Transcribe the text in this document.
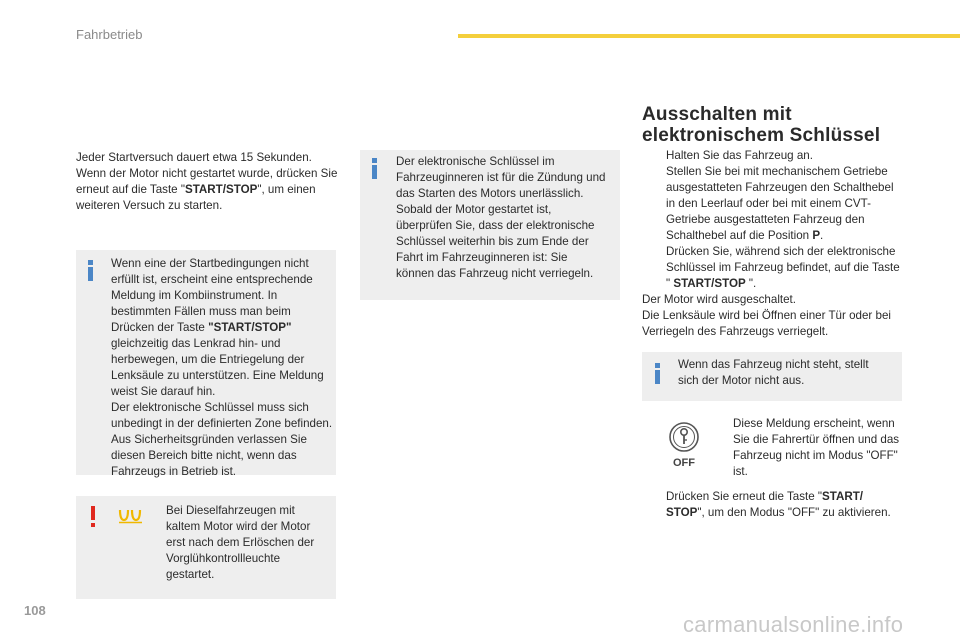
Fahrbetrieb

Jeder Startversuch dauert etwa 15 Sekunden. Wenn der Motor nicht gestartet wurde, drücken Sie erneut auf die Taste "START/STOP", um einen weiteren Versuch zu starten.

Wenn eine der Startbedingungen nicht erfüllt ist, erscheint eine entsprechende Meldung im Kombiinstrument. In bestimmten Fällen muss man beim Drücken der Taste "START/STOP" gleichzeitig das Lenkrad hin- und herbewegen, um die Entriegelung der Lenksäule zu unterstützen. Eine Meldung weist Sie darauf hin.

Der elektronische Schlüssel muss sich unbedingt in der definierten Zone befinden. Aus Sicherheitsgründen verlassen Sie diesen Bereich bitte nicht, wenn das Fahrzeugs in Betrieb ist.

Bei Dieselfahrzeugen mit kaltem Motor wird der Motor erst nach dem Erlöschen der Vorglühkontrollleuchte gestartet.

Der elektronische Schlüssel im Fahrzeuginneren ist für die Zündung und das Starten des Motors unerlässlich. Sobald der Motor gestartet ist, überprüfen Sie, dass der elektronische Schlüssel weiterhin bis zum Ende der Fahrt im Fahrzeuginneren ist: Sie können das Fahrzeug nicht verriegeln.

Ausschalten mit
elektronischem Schlüssel
Halten Sie das Fahrzeug an.
Stellen Sie bei mit mechanischem Getriebe ausgestatteten Fahrzeugen den Schalthebel in den Leerlauf oder bei mit einem CVT-Getriebe ausgestatteten Fahrzeug den Schalthebel auf die Position P.
Drücken Sie, während sich der elektronische Schlüssel im Fahrzeug befindet, auf die Taste " START/STOP ".

Der Motor wird ausgeschaltet.

Die Lenksäule wird bei Öffnen einer Tür oder bei Verriegeln des Fahrzeugs verriegelt.

Wenn das Fahrzeug nicht steht, stellt sich der Motor nicht aus.

OFF

Diese Meldung erscheint, wenn Sie die Fahrertür öffnen und das Fahrzeug nicht im Modus "OFF" ist.

Drücken Sie erneut die Taste "START/ STOP", um den Modus "OFF" zu aktivieren.
108
carmanualsonline.info
